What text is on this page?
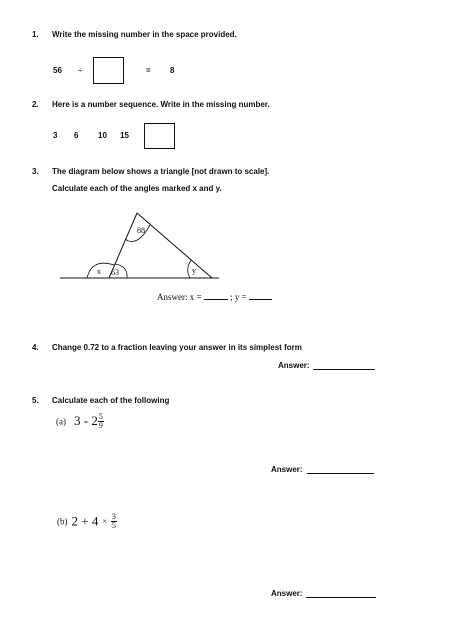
1. Write the missing number in the space provided.
56 ÷	= 8
2. Here is a number sequence. Write in the missing number.
3 6 10 15
3. The diagram below shows a triangle [not drawn to scale].
Calculate each of the angles marked x and y.
88
x 63	y
Answer: x =	; y =
4. Change 0.72 to a fraction leaving your answer in its simplest form
Answer:
5. Calculate each of the following
(a) $3 - 2 \frac{5}{9}$
Answer:
(b) $2 + 4 \times \frac{3}{5}$
Answer:
